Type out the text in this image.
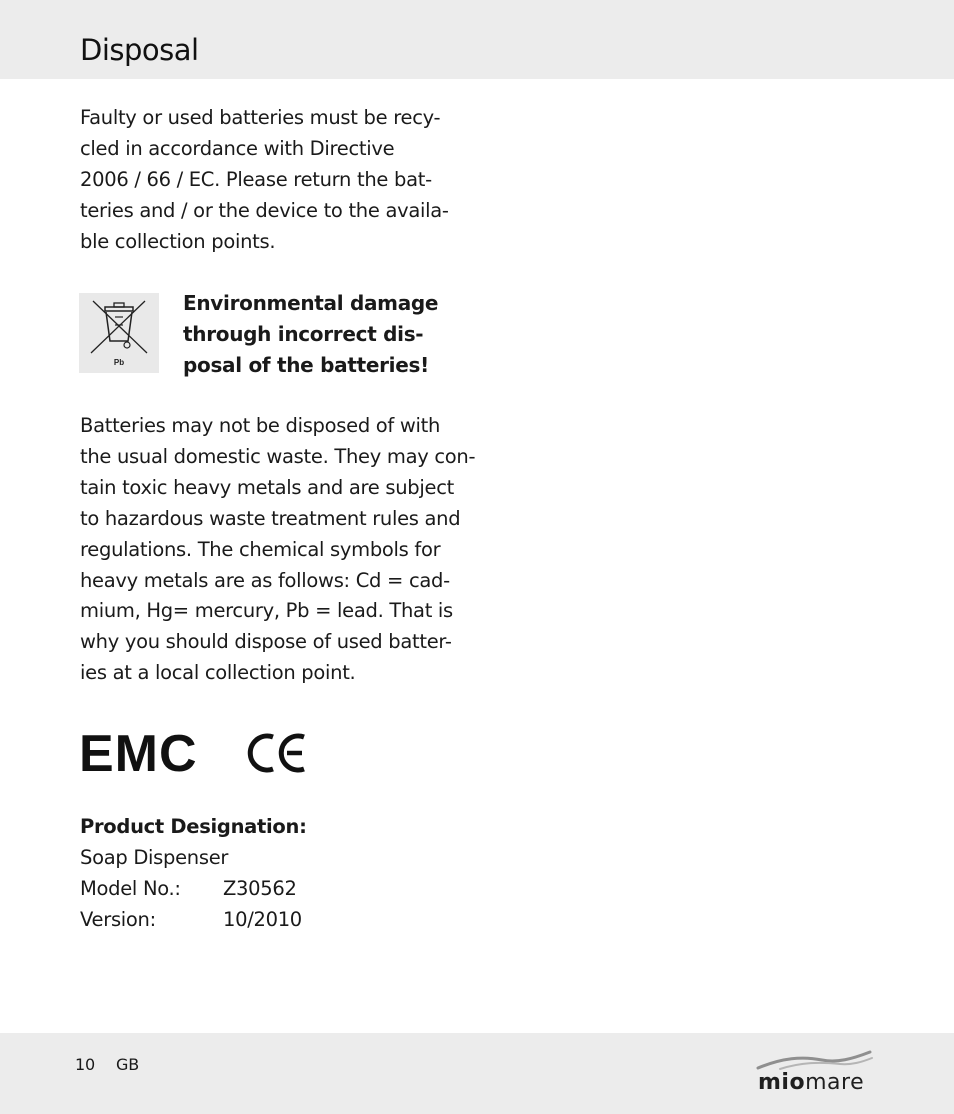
Disposal
Faulty or used batteries must be recy-
cled in accordance with Directive
2006 / 66 / EC. Please return the bat-
teries and / or the device to the availa-
ble collection points.
Pb
Environmental damage
through incorrect dis-
posal of the batteries!
Batteries may not be disposed of with
the usual domestic waste. They may con-
tain toxic heavy metals and are subject
to hazardous waste treatment rules and
regulations. The chemical symbols for
heavy metals are as follows: Cd = cad-
mium, Hg= mercury, Pb = lead. That is
why you should dispose of used batter-
ies at a local collection point.
EMC
Product Designation:
Soap Dispenser
Model No.:	Z30562
Version:	10/2010
10 GB
miomare
